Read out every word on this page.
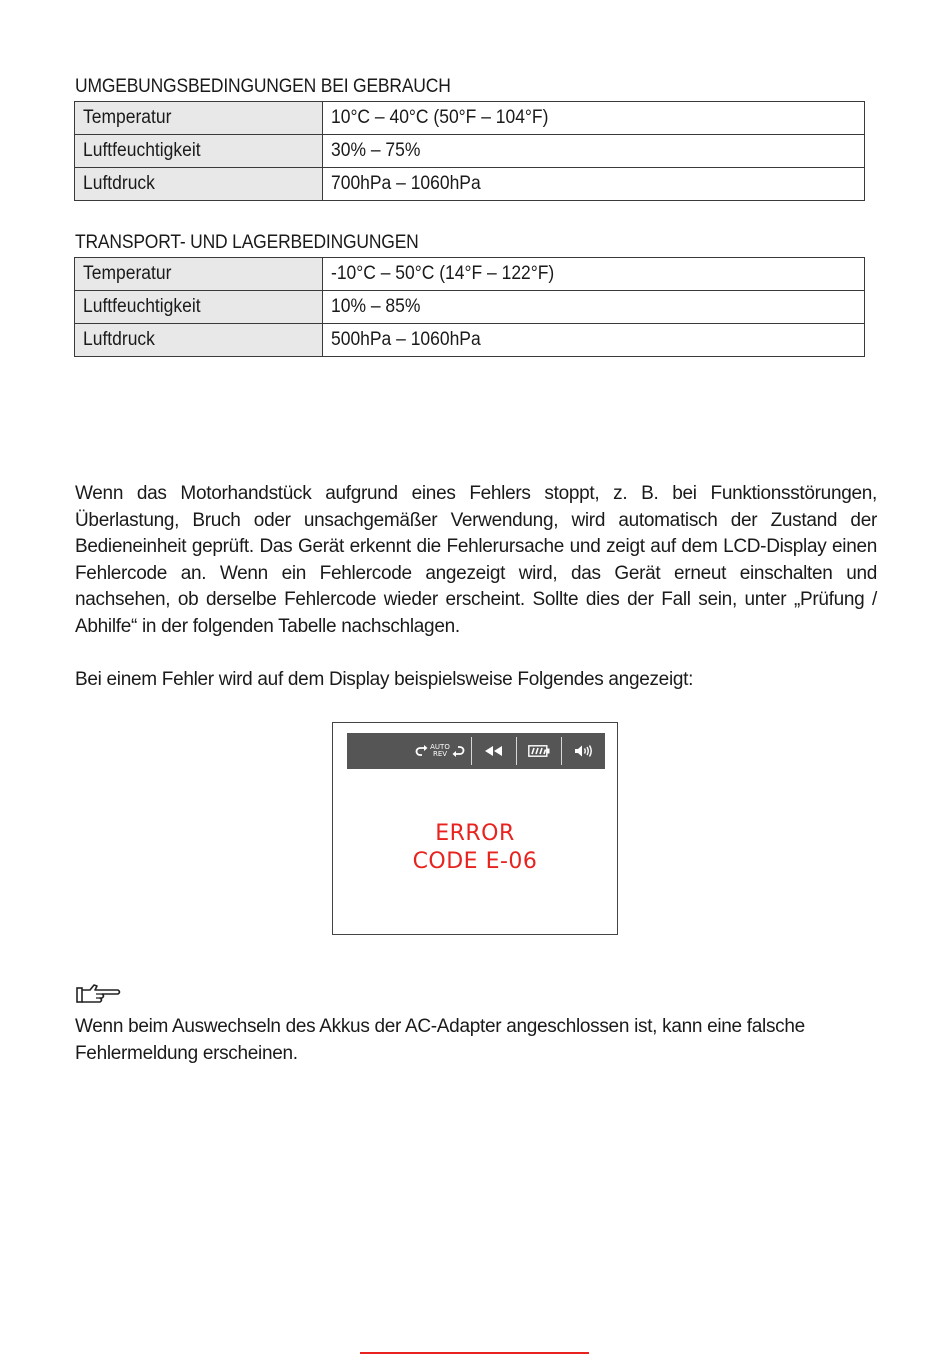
UMGEBUNGSBEDINGUNGEN BEI GEBRAUCH
Temperatur	10°C – 40°C (50°F – 104°F)
Luftfeuchtigkeit	30% – 75%
Luftdruck	700hPa – 1060hPa
TRANSPORT- UND LAGERBEDINGUNGEN
Temperatur	-10°C – 50°C (14°F – 122°F)
Luftfeuchtigkeit	10% – 85%
Luftdruck	500hPa – 1060hPa
Wenn das Motorhandstück aufgrund eines Fehlers stoppt, z. B. bei Funktionsstörungen, Überlastung, Bruch oder unsachgemäßer Verwendung, wird automatisch der Zustand der Bedieneinheit geprüft. Das Gerät erkennt die Fehlerursache und zeigt auf dem LCD-Display einen Fehlercode an. Wenn ein Fehlercode angezeigt wird, das Gerät erneut einschalten und nachsehen, ob derselbe Fehlercode wieder erscheint. Sollte dies der Fall sein, unter „Prüfung / Abhilfe“ in der folgenden Tabelle nachschlagen.
Bei einem Fehler wird auf dem Display beispielsweise Folgendes angezeigt:
AUTO
REV
ERROR
CODE E-06
Wenn beim Auswechseln des Akkus der AC-Adapter angeschlossen ist, kann eine falsche
Fehlermeldung erscheinen.
